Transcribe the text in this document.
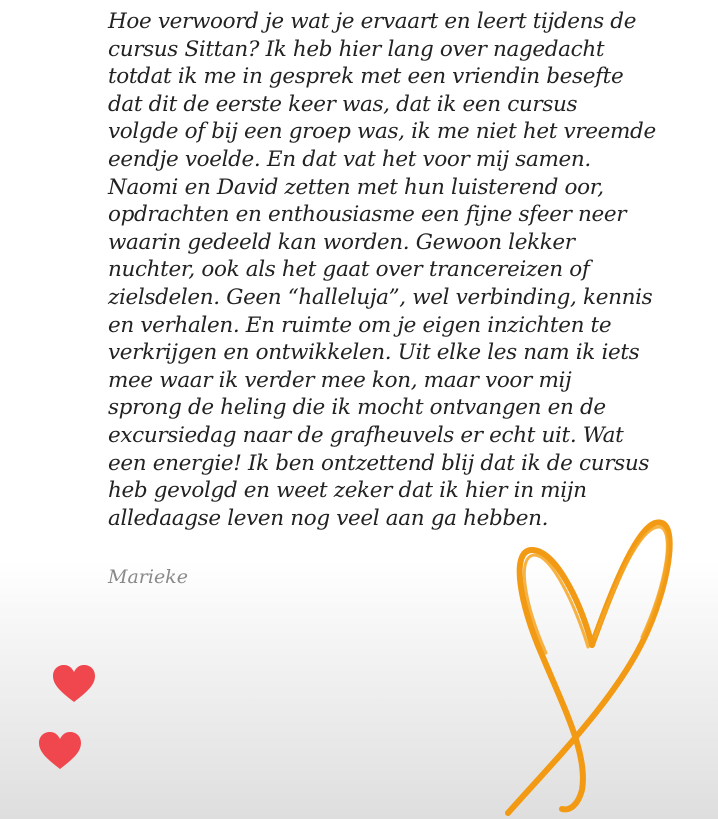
Hoe verwoord je wat je ervaart en leert tijdens de
cursus Sittan? Ik heb hier lang over nagedacht
totdat ik me in gesprek met een vriendin besefte
dat dit de eerste keer was, dat ik een cursus
volgde of bij een groep was, ik me niet het vreemde
eendje voelde. En dat vat het voor mij samen.
Naomi en David zetten met hun luisterend oor,
opdrachten en enthousiasme een fijne sfeer neer
waarin gedeeld kan worden. Gewoon lekker
nuchter, ook als het gaat over trancereizen of
zielsdelen. Geen “halleluja”, wel verbinding, kennis
en verhalen. En ruimte om je eigen inzichten te
verkrijgen en ontwikkelen. Uit elke les nam ik iets
mee waar ik verder mee kon, maar voor mij
sprong de heling die ik mocht ontvangen en de
excursiedag naar de grafheuvels er echt uit. Wat
een energie! Ik ben ontzettend blij dat ik de cursus
heb gevolgd en weet zeker dat ik hier in mijn
alledaagse leven nog veel aan ga hebben.

Marieke
